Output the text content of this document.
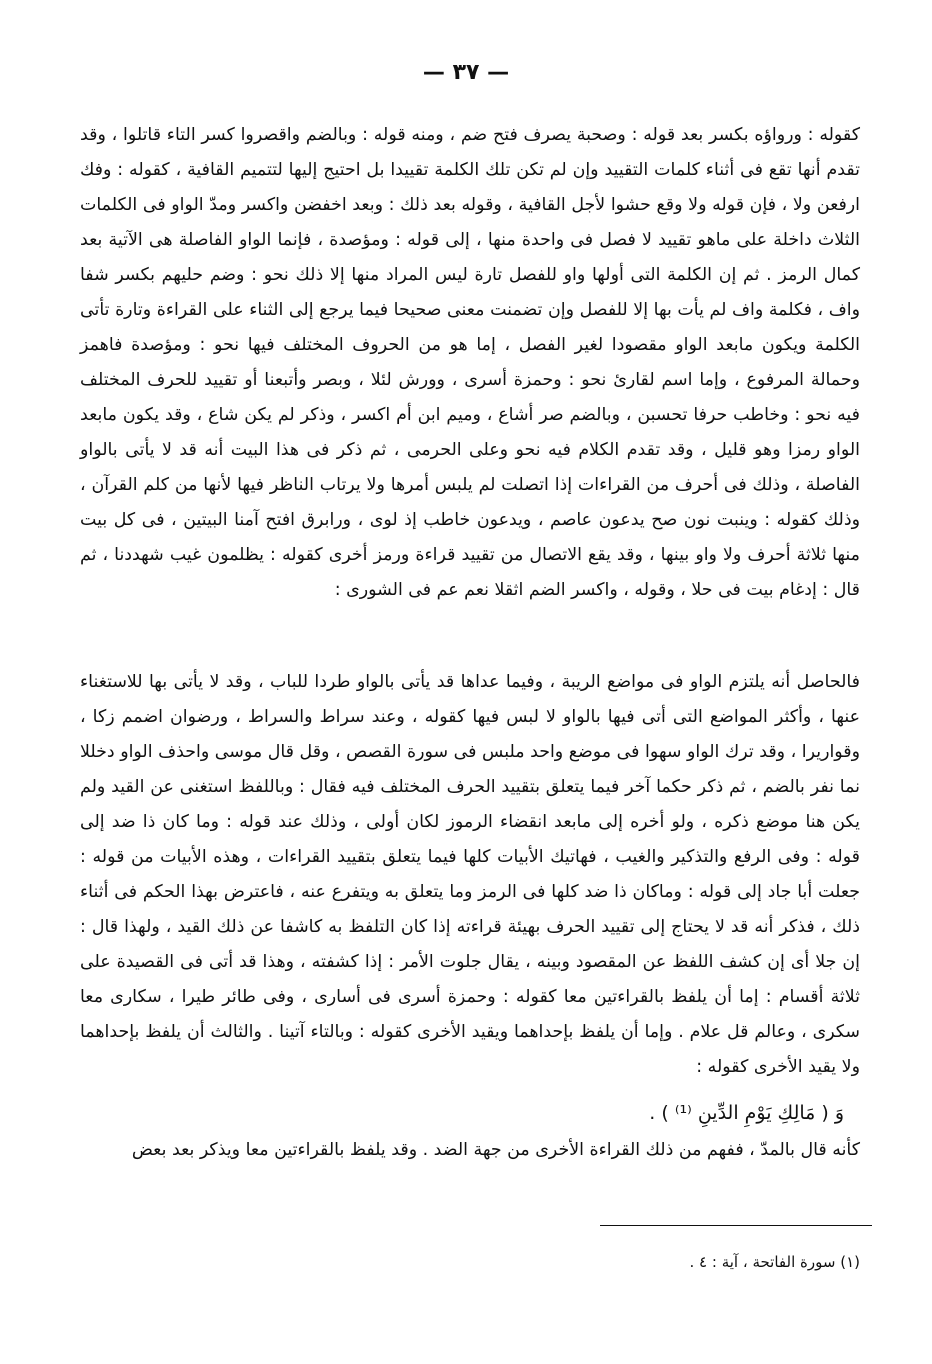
— ٣٧ —

كقوله : ورواؤه بكسر بعد قوله : وصحبة يصرف فتح ضم ، ومنه قوله : وبالضم واقصروا كسر التاء قاتلوا ، وقد تقدم أنها تقع فى أثناء كلمات التقييد وإن لم تكن تلك الكلمة تقييدا بل احتيج إليها لتتميم القافية ، كقوله : وفك ارفعن ولا ، فإن قوله ولا وقع حشوا لأجل القافية ، وقوله بعد ذلك : وبعد اخفضن واكسر ومدّ الواو فى الكلمات الثلاث داخلة على ماهو تقييد لا فصل فى واحدة منها ، إلى قوله : ومؤصدة ، فإنما الواو الفاصلة هى الآتية بعد كمال الرمز . ثم إن الكلمة التى أولها واو للفصل تارة ليس المراد منها إلا ذلك نحو : وضم حليهم بكسر شفا واف ، فكلمة واف لم يأت بها إلا للفصل وإن تضمنت معنى صحيحا فيما يرجع إلى الثناء على القراءة وتارة تأتى الكلمة ويكون مابعد الواو مقصودا لغير الفصل ، إما هو من الحروف المختلف فيها نحو : ومؤصدة فاهمز وحمالة المرفوع ، وإما اسم لقارئ نحو : وحمزة أسرى ، وورش لئلا ، وبصر وأتبعنا أو تقييد للحرف المختلف فيه نحو : وخاطب حرفا تحسبن ، وبالضم صر أشاع ، وميم ابن أم اكسر ، وذكر لم يكن شاع ، وقد يكون مابعد الواو رمزا وهو قليل ، وقد تقدم الكلام فيه نحو وعلى الحرمى ، ثم ذكر فى هذا البيت أنه قد لا يأتى بالواو الفاصلة ، وذلك فى أحرف من القراءات إذا اتصلت لم يلبس أمرها ولا يرتاب الناظر فيها لأنها من كلم القرآن ، وذلك كقوله : وينبت نون صح يدعون عاصم ، ويدعون خاطب إذ لوى ، ورابرق افتح آمنا البيتين ، فى كل بيت منها ثلاثة أحرف ولا واو بينها ، وقد يقع الاتصال من تقييد قراءة ورمز أخرى كقوله : يظلمون غيب شهددنا ، ثم قال : إدغام بيت فى حلا ، وقوله ، واكسر الضم اثقلا نعم عم فى الشورى :

فالحاصل أنه يلتزم الواو فى مواضع الريبة ، وفيما عداها قد يأتى بالواو طردا للباب ، وقد لا يأتى بها للاستغناء عنها ، وأكثر المواضع التى أتى فيها بالواو لا لبس فيها كقوله ، وعند سراط والسراط ، ورضوان اضمم زكا ، وقواريرا ، وقد ترك الواو سهوا فى موضع واحد ملبس فى سورة القصص ، وقل قال موسى واحذف الواو دخللا نما نفر بالضم ، ثم ذكر حكما آخر فيما يتعلق بتقييد الحرف المختلف فيه فقال : وباللفظ استغنى عن القيد ولم يكن هنا موضع ذكره ، ولو أخره إلى مابعد انقضاء الرموز لكان أولى ، وذلك عند قوله : وما كان ذا ضد إلى قوله : وفى الرفع والتذكير والغيب ، فهاتيك الأبيات كلها فيما يتعلق بتقييد القراءات ، وهذه الأبيات من قوله : جعلت أبا جاد إلى قوله : وماكان ذا ضد كلها فى الرمز وما يتعلق به ويتفرع عنه ، فاعترض بهذا الحكم فى أثناء ذلك ، فذكر أنه قد لا يحتاج إلى تقييد الحرف بهيئة قراءته إذا كان التلفظ به كاشفا عن ذلك القيد ، ولهذا قال : إن جلا أى إن كشف اللفظ عن المقصود وبينه ، يقال جلوت الأمر : إذا كشفته ، وهذا قد أتى فى القصيدة على ثلاثة أقسام : إما أن يلفظ بالقراءتين معا كقوله : وحمزة أسرى فى أسارى ، وفى طائر طيرا ، سكارى معا سكرى ، وعالم قل علام . وإما أن يلفظ بإحداهما ويقيد الأخرى كقوله : وبالتاء آتينا . والثالث أن يلفظ بإحداهما ولا يقيد الأخرى كقوله :

وَ ( مَالِكِ يَوْمِ الدِّينِ ⁽¹⁾ ) .

كأنه قال بالمدّ ، ففهم من ذلك القراءة الأخرى من جهة الضد . وقد يلفظ بالقراءتين معا ويذكر بعد بعض

(١) سورة الفاتحة ، آية : ٤ .
